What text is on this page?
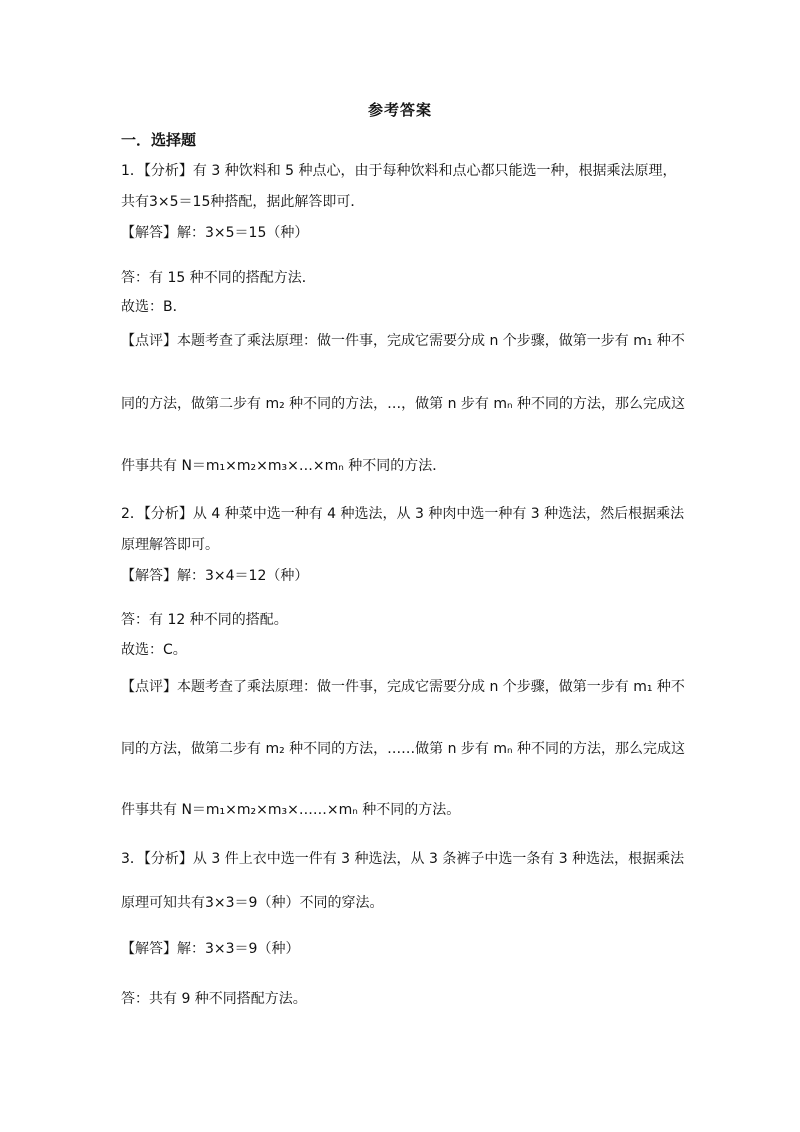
参考答案
一．选择题
1．【分析】有 3 种饮料和 5 种点心，由于每种饮料和点心都只能选一种，根据乘法原理，
共有3×5＝15种搭配，据此解答即可．
【解答】解：3×5＝15（种）
答：有 15 种不同的搭配方法．
故选：B．
【点评】本题考查了乘法原理：做一件事，完成它需要分成 n 个步骤，做第一步有 m₁ 种不
同的方法，做第二步有 m₂ 种不同的方法，…，做第 n 步有 mₙ 种不同的方法，那么完成这
件事共有 N＝m₁×m₂×m₃×…×mₙ 种不同的方法．
2．【分析】从 4 种菜中选一种有 4 种选法，从 3 种肉中选一种有 3 种选法，然后根据乘法
原理解答即可。
【解答】解：3×4＝12（种）
答：有 12 种不同的搭配。
故选：C。
【点评】本题考查了乘法原理：做一件事，完成它需要分成 n 个步骤，做第一步有 m₁ 种不
同的方法，做第二步有 m₂ 种不同的方法，……做第 n 步有 mₙ 种不同的方法，那么完成这
件事共有 N＝m₁×m₂×m₃×……×mₙ 种不同的方法。
3．【分析】从 3 件上衣中选一件有 3 种选法，从 3 条裤子中选一条有 3 种选法，根据乘法
原理可知共有3×3＝9（种）不同的穿法。
【解答】解：3×3＝9（种）
答：共有 9 种不同搭配方法。
